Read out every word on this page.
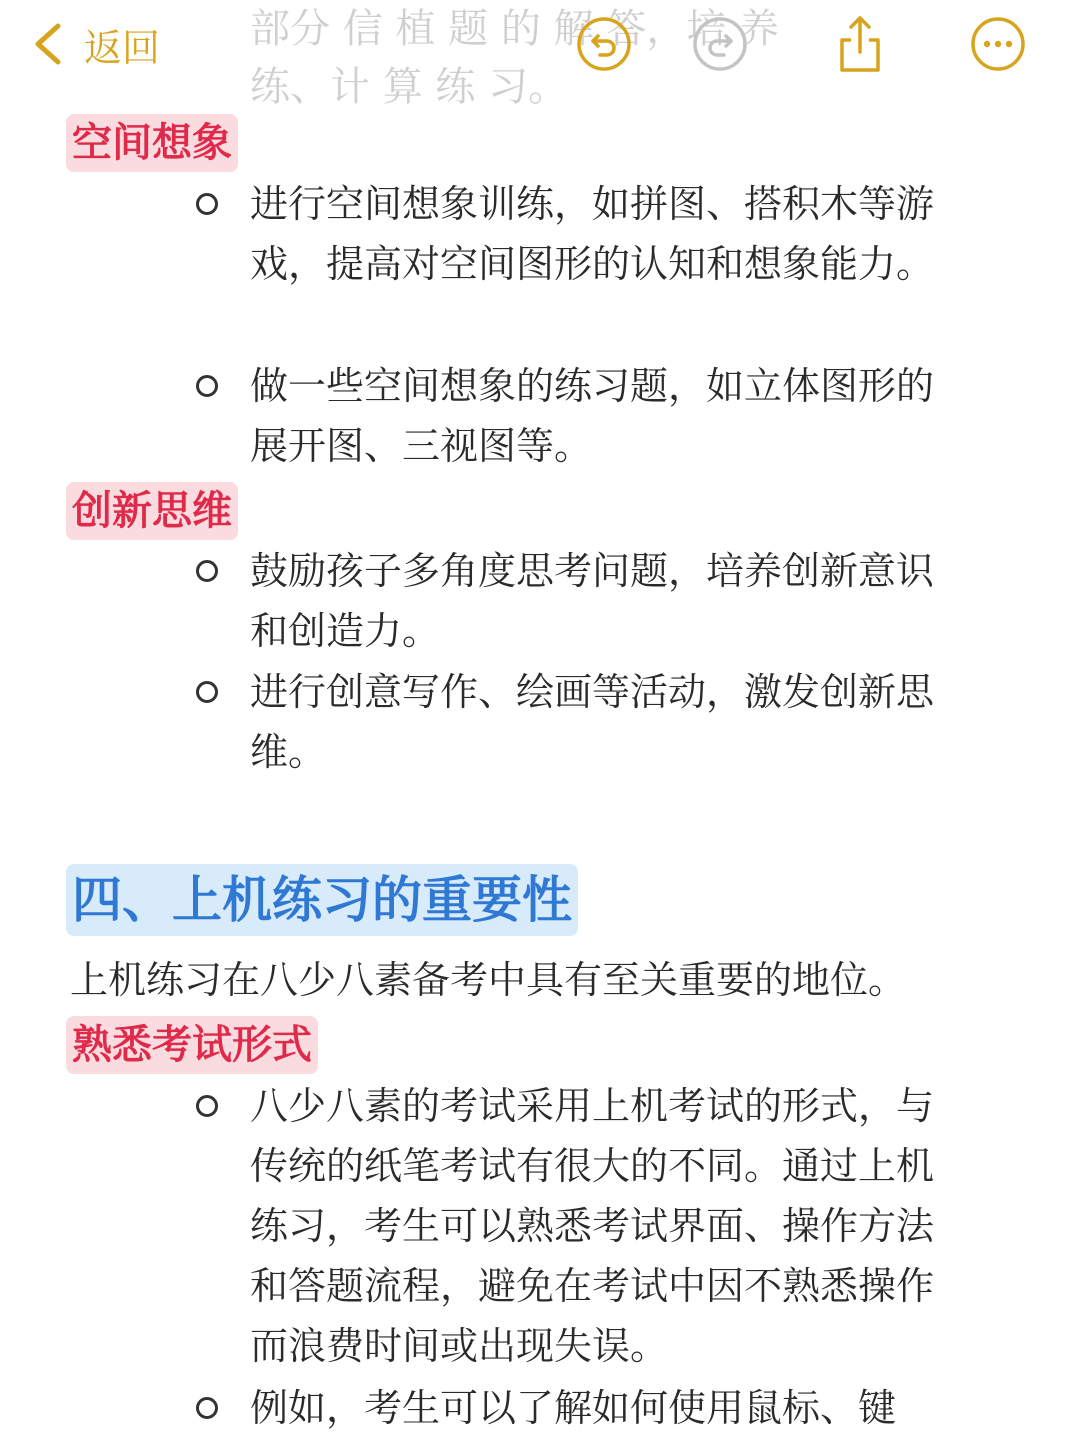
部分 信 植 题 的 解 答，培 养
练、计 算 练 习。
返回
空间想象
进行空间想象训练，如拼图、搭积木等游戏，提高对空间图形的认知和想象能力。
做一些空间想象的练习题，如立体图形的展开图、三视图等。
创新思维
鼓励孩子多角度思考问题，培养创新意识和创造力。
进行创意写作、绘画等活动，激发创新思维。
四、上机练习的重要性
上机练习在八少八素备考中具有至关重要的地位。
熟悉考试形式
八少八素的考试采用上机考试的形式，与传统的纸笔考试有很大的不同。通过上机练习，考生可以熟悉考试界面、操作方法和答题流程，避免在考试中因不熟悉操作而浪费时间或出现失误。
例如，考生可以了解如何使用鼠标、键
